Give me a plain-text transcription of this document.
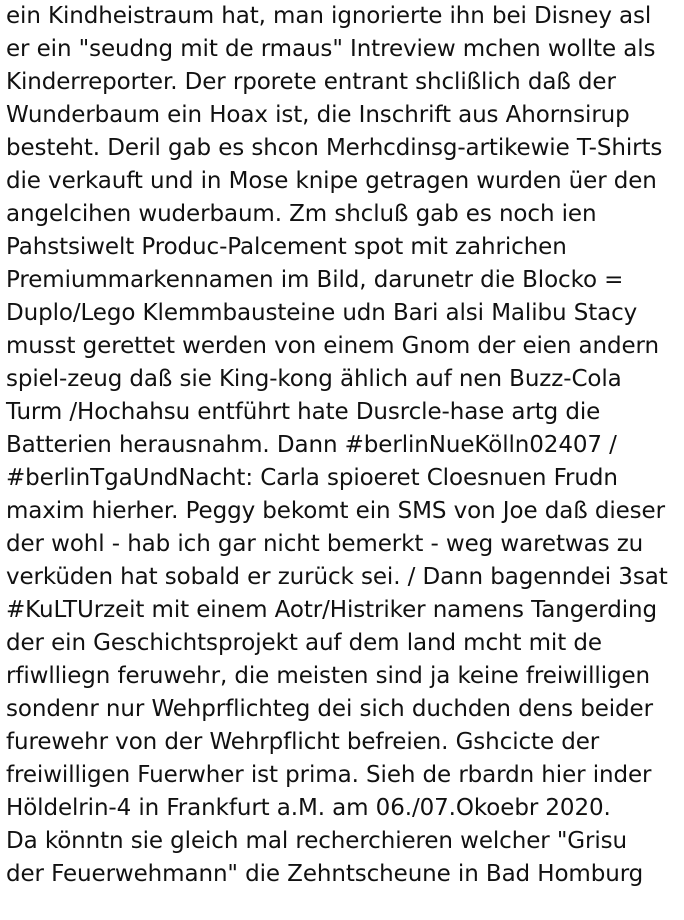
ein Kindheistraum hat, man ignorierte ihn bei Disney asl

er ein "seudng mit de rmaus" Intreview mchen wollte als

Kinderreporter. Der rporete entrant shclißlich daß der

Wunderbaum ein Hoax ist, die Inschrift aus Ahornsirup

besteht. Deril gab es shcon Merhcdinsg-artikewie T-Shirts

die verkauft und in Mose knipe getragen wurden üer den

angelcihen wuderbaum. Zm shcluß gab es noch ien

Pahstsiwelt Produc-Palcement spot mit zahrichen

Premiummarkennamen im Bild, darunetr die Blocko =

Duplo/Lego Klemmbausteine udn Bari alsi Malibu Stacy

musst gerettet werden von einem Gnom der eien andern

spiel-zeug daß sie King-kong ählich auf nen Buzz-Cola

Turm /Hochahsu entführt hate Dusrcle-hase artg die

Batterien herausnahm. Dann #berlinNueKölln02407 /

#berlinTgaUndNacht: Carla spioeret Cloesnuen Frudn

maxim hierher. Peggy bekomt ein SMS von Joe daß dieser

der wohl - hab ich gar nicht bemerkt - weg waretwas zu

verküden hat sobald er zurück sei. / Dann bagenndei 3sat

#KuLTUrzeit mit einem Aotr/Histriker namens Tangerding

der ein Geschichtsprojekt auf dem land mcht mit de

rfiwlliegn feruwehr, die meisten sind ja keine freiwilligen

sondenr nur Wehprflichteg dei sich duchden dens beider

furewehr von der Wehrpflicht befreien. Gshcicte der

freiwilligen Fuerwher ist prima. Sieh de rbardn hier inder

Höldelrin-4 in Frankfurt a.M. am 06./07.Okoebr 2020.

Da könntn sie gleich mal recherchieren welcher "Grisu

der Feuerwehmann" die Zehntscheune in Bad Homburg
